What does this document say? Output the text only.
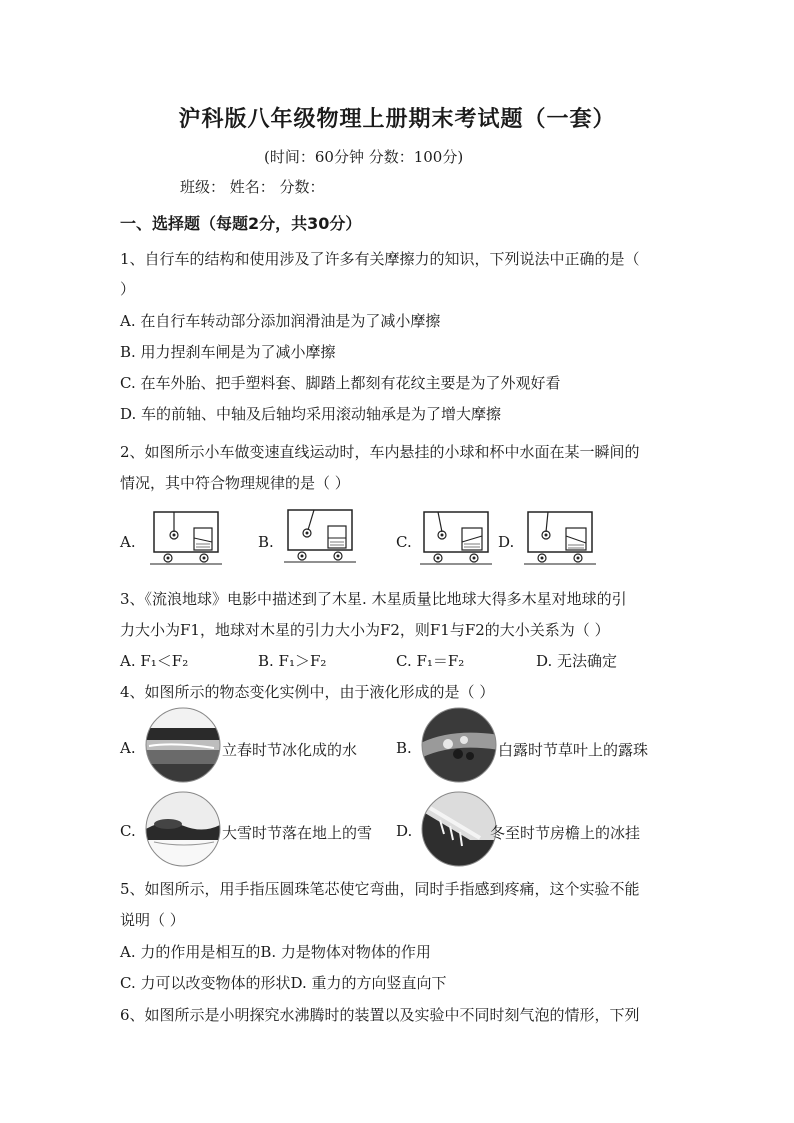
沪科版八年级物理上册期末考试题（一套）
(时间：60分钟 分数：100分)
班级： 姓名： 分数：
一、选择题（每题2分，共30分）
1、自行车的结构和使用涉及了许多有关摩擦力的知识，下列说法中正确的是（
）
A. 在自行车转动部分添加润滑油是为了减小摩擦
B. 用力捏刹车闸是为了减小摩擦
C. 在车外胎、把手塑料套、脚踏上都刻有花纹主要是为了外观好看
D. 车的前轴、中轴及后轴均采用滚动轴承是为了增大摩擦
2、如图所示小车做变速直线运动时，车内悬挂的小球和杯中水面在某一瞬间的
情况，其中符合物理规律的是（ ）
A.	B.	C.	D.
3、《流浪地球》电影中描述到了木星. 木星质量比地球大得多木星对地球的引
力大小为F1，地球对木星的引力大小为F2，则F1与F2的大小关系为（ ）
A. F₁＜F₂	B. F₁＞F₂	C. F₁＝F₂	D. 无法确定
4、如图所示的物态变化实例中，由于液化形成的是（ ）
A.	立春时节冰化成的水	B.	白露时节草叶上的露珠
C.	大雪时节落在地上的雪 D.	冬至时节房檐上的冰挂
5、如图所示，用手指压圆珠笔芯使它弯曲，同时手指感到疼痛，这个实验不能
说明（ ）
A. 力的作用是相互的B. 力是物体对物体的作用
C. 力可以改变物体的形状D. 重力的方向竖直向下
6、如图所示是小明探究水沸腾时的装置以及实验中不同时刻气泡的情形，下列
